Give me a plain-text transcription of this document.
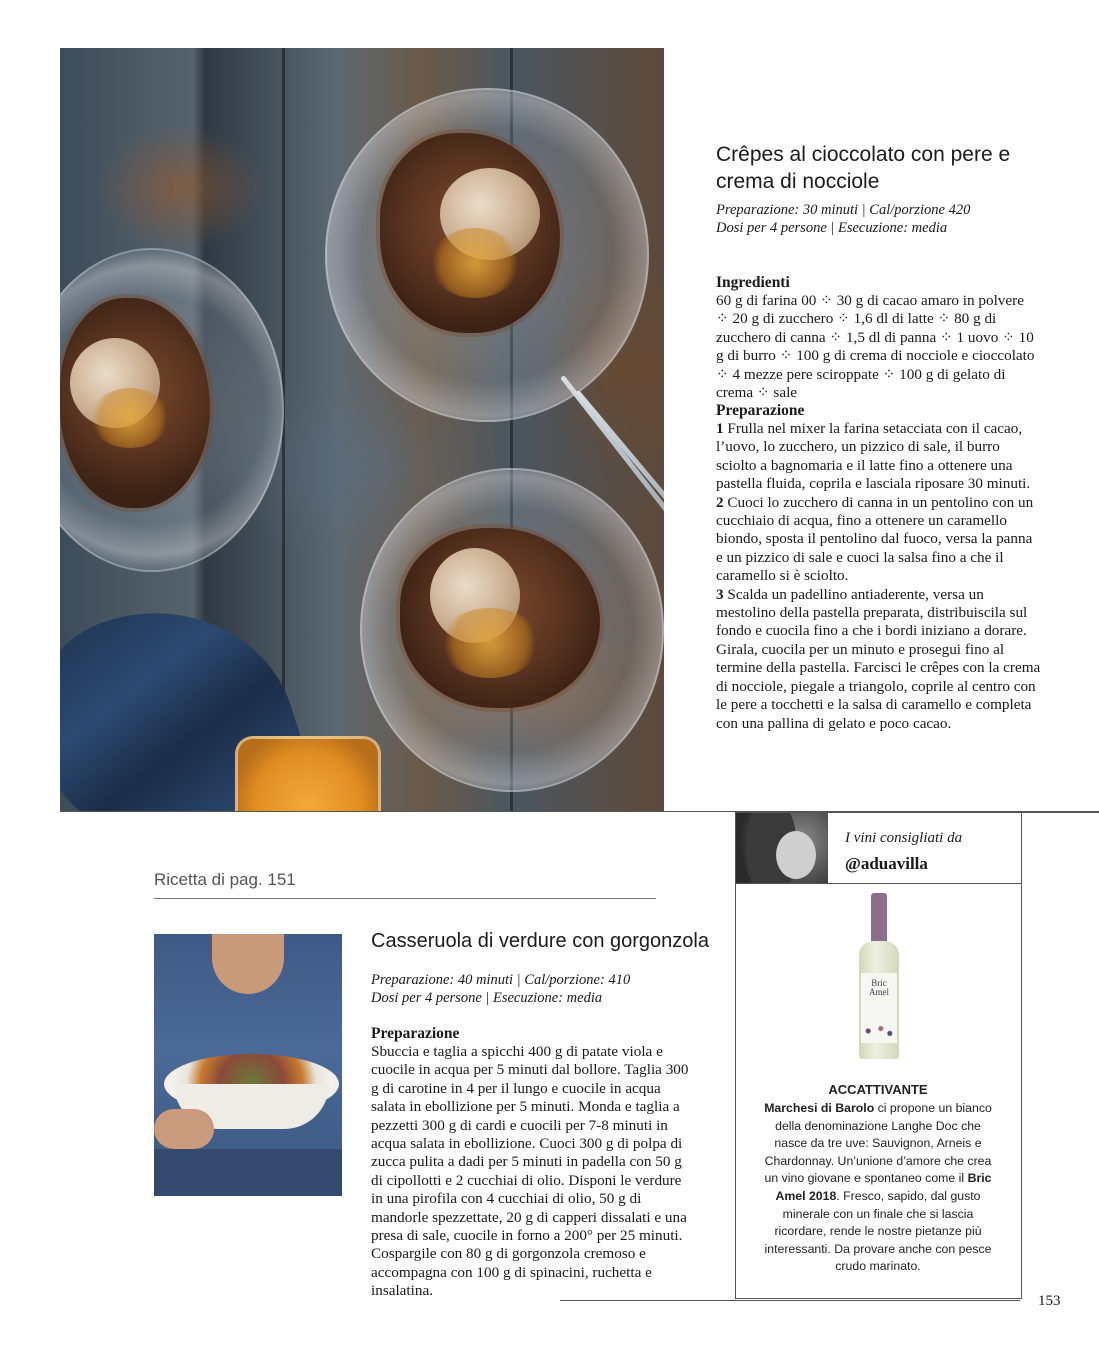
Crêpes al cioccolato con pere e crema di nocciole
Preparazione: 30 minuti | Cal/porzione 420
Dosi per 4 persone | Esecuzione: media
Ingredienti
60 g di farina 00 ⁘ 30 g di cacao amaro in polvere ⁘ 20 g di zucchero ⁘ 1,6 dl di latte ⁘ 80 g di zucchero di canna ⁘ 1,5 dl di panna ⁘ 1 uovo ⁘ 10 g di burro ⁘ 100 g di crema di nocciole e cioccolato ⁘ 4 mezze pere sciroppate ⁘ 100 g di gelato di crema ⁘ sale
Preparazione

1 Frulla nel mixer la farina setacciata con il cacao, l’uovo, lo zucchero, un pizzico di sale, il burro sciolto a bagnomaria e il latte fino a ottenere una pastella fluida, coprila e lasciala riposare 30 minuti.

2 Cuoci lo zucchero di canna in un pentolino con un cucchiaio di acqua, fino a ottenere un caramello biondo, sposta il pentolino dal fuoco, versa la panna e un pizzico di sale e cuoci la salsa fino a che il caramello si è sciolto.

3 Scalda un padellino antiaderente, versa un mestolino della pastella preparata, distribuiscila sul fondo e cuocila fino a che i bordi iniziano a dorare. Girala, cuocila per un minuto e prosegui fino al termine della pastella. Farcisci le crêpes con la crema di nocciole, piegale a triangolo, coprile al centro con le pere a tocchetti e la salsa di caramello e completa con una pallina di gelato e poco cacao.

Ricetta di pag. 151
Casseruola di verdure con gorgonzola
Preparazione: 40 minuti | Cal/porzione: 410
Dosi per 4 persone | Esecuzione: media
Preparazione
Sbuccia e taglia a spicchi 400 g di patate viola e cuocile in acqua per 5 minuti dal bollore. Taglia 300 g di carotine in 4 per il lungo e cuocile in acqua salata in ebollizione per 5 minuti. Monda e taglia a pezzetti 300 g di cardi e cuocili per 7-8 minuti in acqua salata in ebollizione. Cuoci 300 g di polpa di zucca pulita a dadi per 5 minuti in padella con 50 g di cipollotti e 2 cucchiai di olio. Disponi le verdure in una pirofila con 4 cucchiai di olio, 50 g di mandorle spezzettate, 20 g di capperi dissalati e una presa di sale, cuocile in forno a 200° per 25 minuti. Cospargile con 80 g di gorgonzola cremoso e accompagna con 100 g di spinacini, ruchetta e insalatina.
I vini consigliati da
@aduavilla
Bric
Amel
ACCATTIVANTE
Marchesi di Barolo ci propone un bianco della denominazione Langhe Doc che nasce da tre uve: Sauvignon, Arneis e Chardonnay. Un’unione d’amore che crea un vino giovane e spontaneo come il Bric Amel 2018. Fresco, sapido, dal gusto minerale con un finale che si lascia ricordare, rende le nostre pietanze più interessanti. Da provare anche con pesce crudo marinato.
153
